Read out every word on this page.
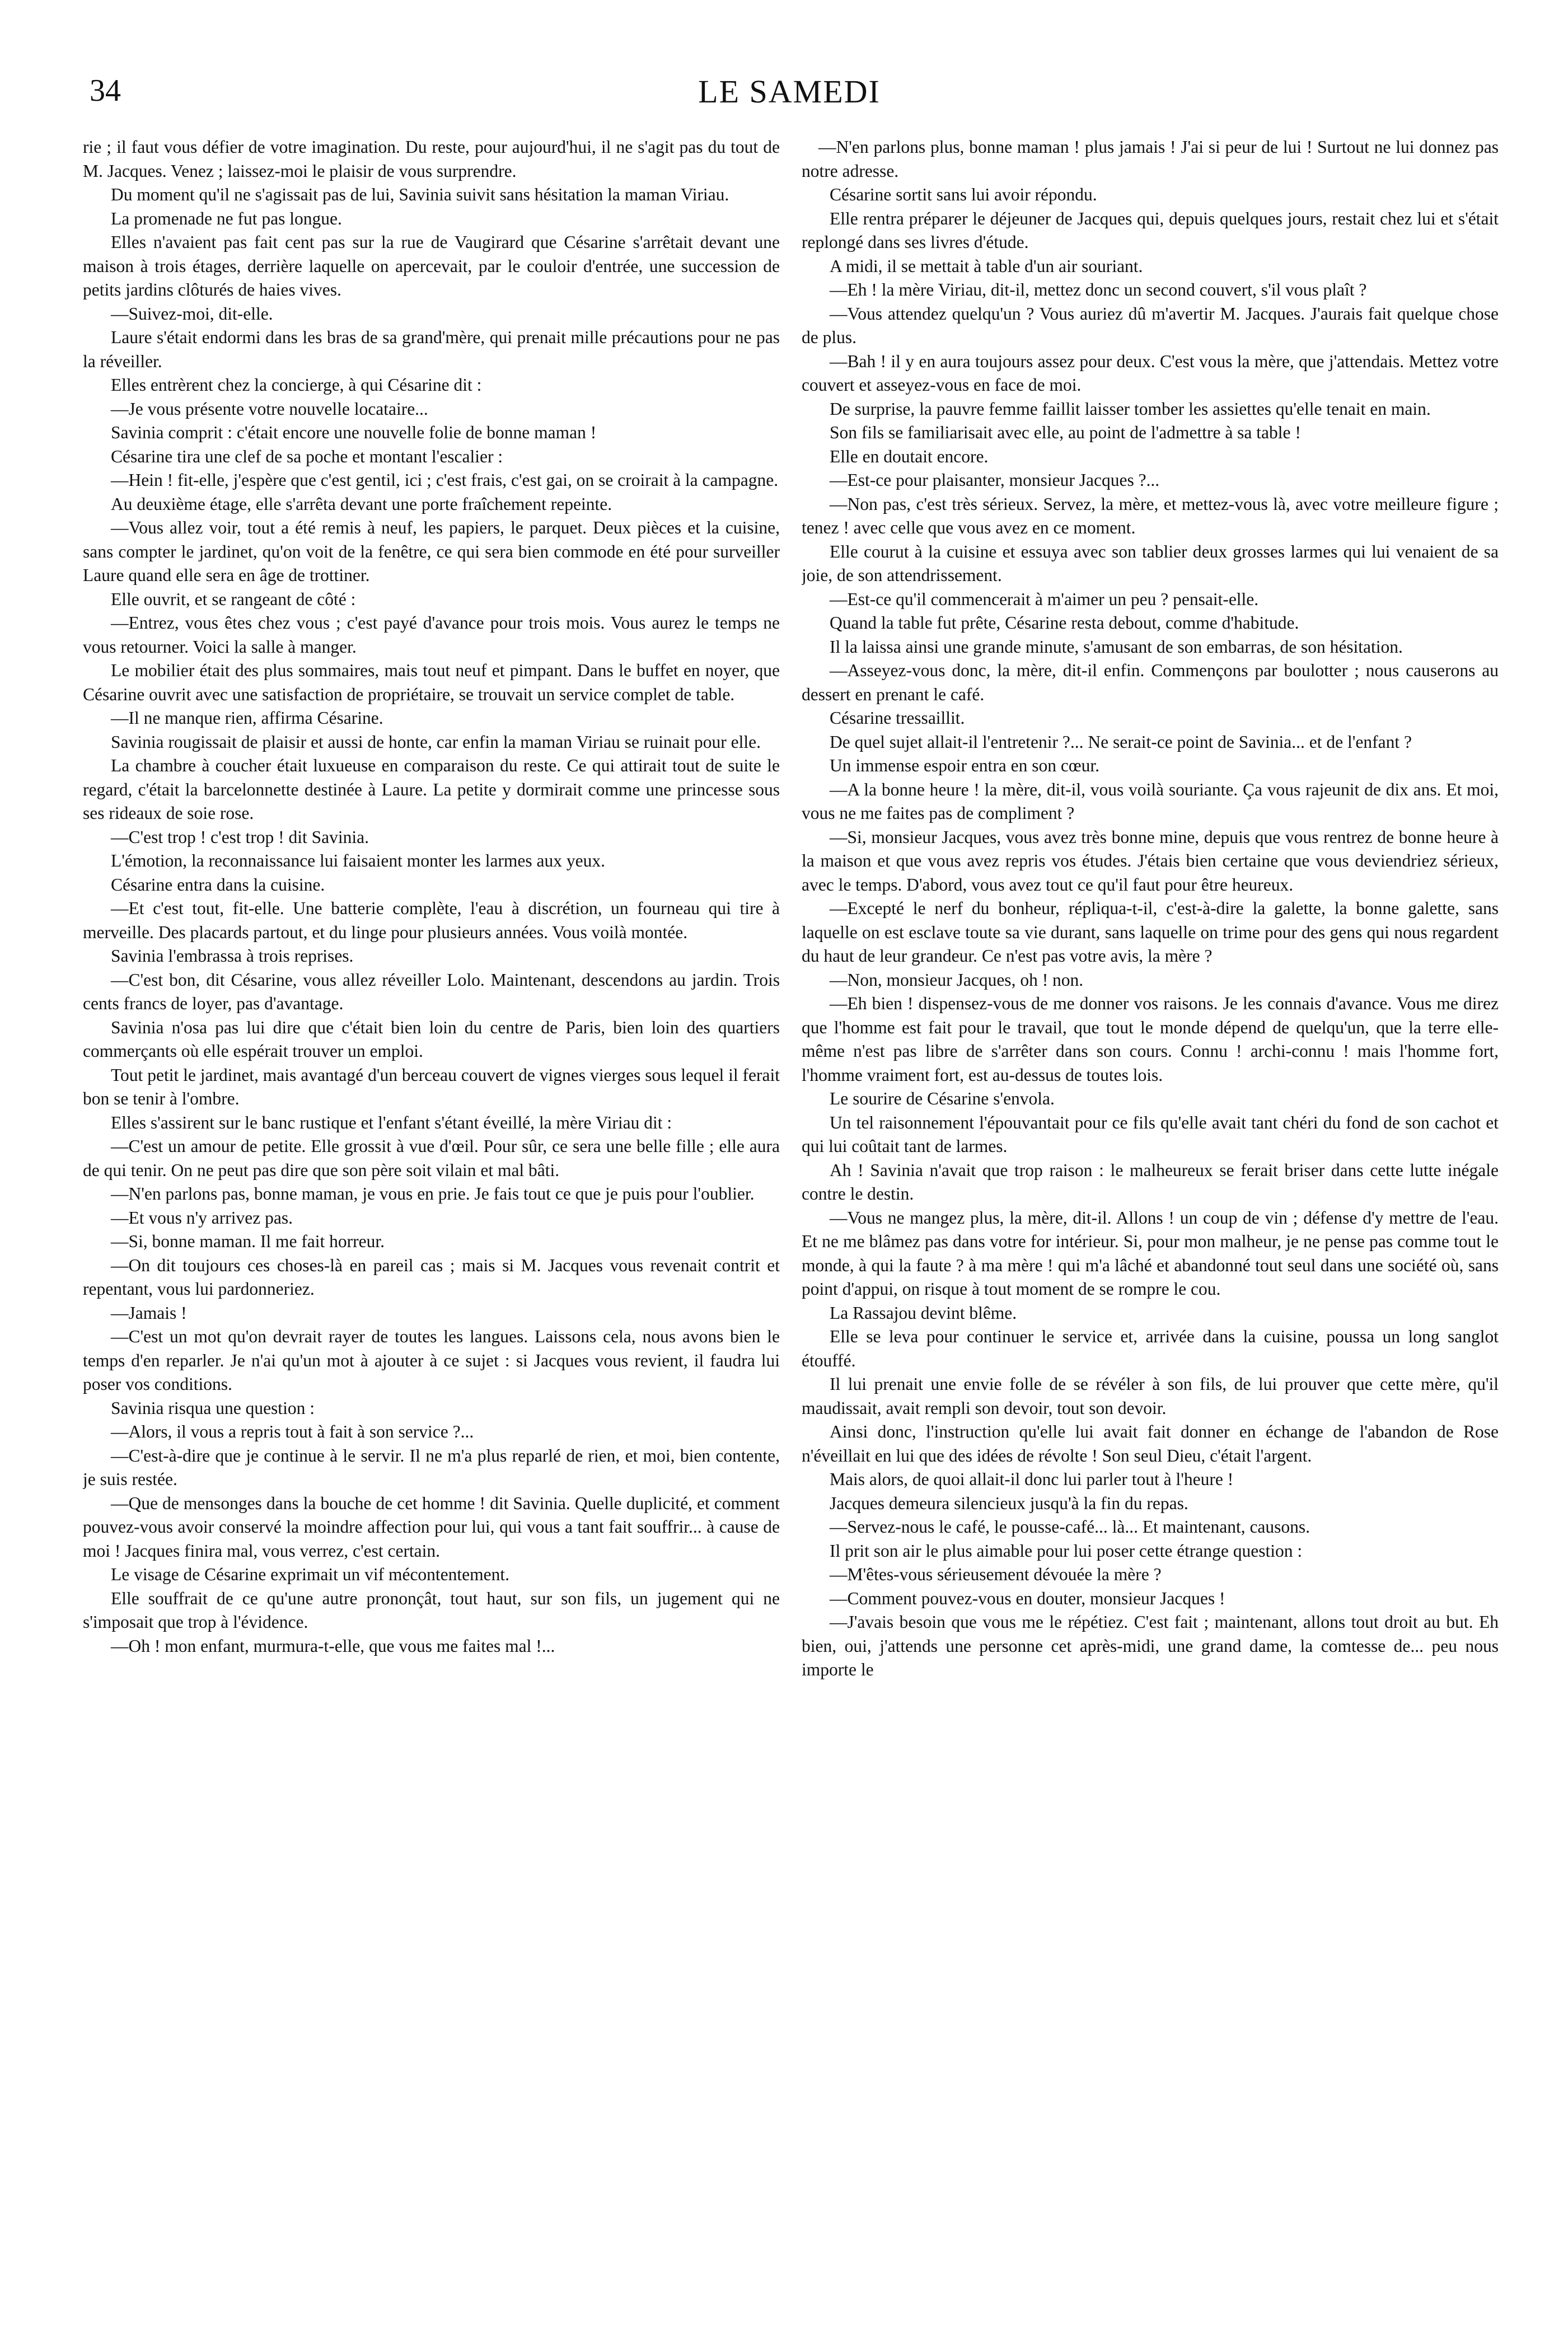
34	LE SAMEDI

rie ; il faut vous défier de votre imagination. Du reste, pour aujourd'hui, il ne s'agit pas du tout de M. Jacques. Venez ; laissez-moi le plaisir de vous surprendre.

Du moment qu'il ne s'agissait pas de lui, Savinia suivit sans hésitation la maman Viriau.

La promenade ne fut pas longue.

Elles n'avaient pas fait cent pas sur la rue de Vaugirard que Césarine s'arrêtait devant une maison à trois étages, derrière laquelle on apercevait, par le couloir d'entrée, une succession de petits jardins clôturés de haies vives.

—Suivez-moi, dit-elle.

Laure s'était endormi dans les bras de sa grand'mère, qui prenait mille précautions pour ne pas la réveiller.

Elles entrèrent chez la concierge, à qui Césarine dit :

—Je vous présente votre nouvelle locataire...

Savinia comprit : c'était encore une nouvelle folie de bonne maman !

Césarine tira une clef de sa poche et montant l'escalier :

—Hein ! fit-elle, j'espère que c'est gentil, ici ; c'est frais, c'est gai, on se croirait à la campagne.

Au deuxième étage, elle s'arrêta devant une porte fraîchement repeinte.

—Vous allez voir, tout a été remis à neuf, les papiers, le parquet. Deux pièces et la cuisine, sans compter le jardinet, qu'on voit de la fenêtre, ce qui sera bien commode en été pour surveiller Laure quand elle sera en âge de trottiner.

Elle ouvrit, et se rangeant de côté :

—Entrez, vous êtes chez vous ; c'est payé d'avance pour trois mois. Vous aurez le temps ne vous retourner. Voici la salle à manger.

Le mobilier était des plus sommaires, mais tout neuf et pimpant. Dans le buffet en noyer, que Césarine ouvrit avec une satisfaction de propriétaire, se trouvait un service complet de table.

—Il ne manque rien, affirma Césarine.

Savinia rougissait de plaisir et aussi de honte, car enfin la maman Viriau se ruinait pour elle.

La chambre à coucher était luxueuse en comparaison du reste. Ce qui attirait tout de suite le regard, c'était la barcelonnette destinée à Laure. La petite y dormirait comme une princesse sous ses rideaux de soie rose.

—C'est trop ! c'est trop ! dit Savinia.

L'émotion, la reconnaissance lui faisaient monter les larmes aux yeux.

Césarine entra dans la cuisine.

—Et c'est tout, fit-elle. Une batterie complète, l'eau à discrétion, un fourneau qui tire à merveille. Des placards partout, et du linge pour plusieurs années. Vous voilà montée.

Savinia l'embrassa à trois reprises.

—C'est bon, dit Césarine, vous allez réveiller Lolo. Maintenant, descendons au jardin. Trois cents francs de loyer, pas d'avantage.

Savinia n'osa pas lui dire que c'était bien loin du centre de Paris, bien loin des quartiers commerçants où elle espérait trouver un emploi.

Tout petit le jardinet, mais avantagé d'un berceau couvert de vignes vierges sous lequel il ferait bon se tenir à l'ombre.

Elles s'assirent sur le banc rustique et l'enfant s'étant éveillé, la mère Viriau dit :

—C'est un amour de petite. Elle grossit à vue d'œil. Pour sûr, ce sera une belle fille ; elle aura de qui tenir. On ne peut pas dire que son père soit vilain et mal bâti.

—N'en parlons pas, bonne maman, je vous en prie. Je fais tout ce que je puis pour l'oublier.

—Et vous n'y arrivez pas.

—Si, bonne maman. Il me fait horreur.

—On dit toujours ces choses-là en pareil cas ; mais si M. Jacques vous revenait contrit et repentant, vous lui pardonneriez.

—Jamais !

—C'est un mot qu'on devrait rayer de toutes les langues. Laissons cela, nous avons bien le temps d'en reparler. Je n'ai qu'un mot à ajouter à ce sujet : si Jacques vous revient, il faudra lui poser vos conditions.

Savinia risqua une question :

—Alors, il vous a repris tout à fait à son service ?...

—C'est-à-dire que je continue à le servir. Il ne m'a plus reparlé de rien, et moi, bien contente, je suis restée.

—Que de mensonges dans la bouche de cet homme ! dit Savinia. Quelle duplicité, et comment pouvez-vous avoir conservé la moindre affection pour lui, qui vous a tant fait souffrir... à cause de moi ! Jacques finira mal, vous verrez, c'est certain.

Le visage de Césarine exprimait un vif mécontentement.

Elle souffrait de ce qu'une autre prononçât, tout haut, sur son fils, un jugement qui ne s'imposait que trop à l'évidence.

—Oh ! mon enfant, murmura-t-elle, que vous me faites mal !...

—N'en parlons plus, bonne maman ! plus jamais ! J'ai si peur de lui ! Surtout ne lui donnez pas notre adresse.

Césarine sortit sans lui avoir répondu.

Elle rentra préparer le déjeuner de Jacques qui, depuis quelques jours, restait chez lui et s'était replongé dans ses livres d'étude.

A midi, il se mettait à table d'un air souriant.

—Eh ! la mère Viriau, dit-il, mettez donc un second couvert, s'il vous plaît ?

—Vous attendez quelqu'un ? Vous auriez dû m'avertir M. Jacques. J'aurais fait quelque chose de plus.

—Bah ! il y en aura toujours assez pour deux. C'est vous la mère, que j'attendais. Mettez votre couvert et asseyez-vous en face de moi.

De surprise, la pauvre femme faillit laisser tomber les assiettes qu'elle tenait en main.

Son fils se familiarisait avec elle, au point de l'admettre à sa table !

Elle en doutait encore.

—Est-ce pour plaisanter, monsieur Jacques ?...

—Non pas, c'est très sérieux. Servez, la mère, et mettez-vous là, avec votre meilleure figure ; tenez ! avec celle que vous avez en ce moment.

Elle courut à la cuisine et essuya avec son tablier deux grosses larmes qui lui venaient de sa joie, de son attendrissement.

—Est-ce qu'il commencerait à m'aimer un peu ? pensait-elle.

Quand la table fut prête, Césarine resta debout, comme d'habitude.

Il la laissa ainsi une grande minute, s'amusant de son embarras, de son hésitation.

—Asseyez-vous donc, la mère, dit-il enfin. Commençons par boulotter ; nous causerons au dessert en prenant le café.

Césarine tressaillit.

De quel sujet allait-il l'entretenir ?... Ne serait-ce point de Savinia... et de l'enfant ?

Un immense espoir entra en son cœur.

—A la bonne heure ! la mère, dit-il, vous voilà souriante. Ça vous rajeunit de dix ans. Et moi, vous ne me faites pas de compliment ?

—Si, monsieur Jacques, vous avez très bonne mine, depuis que vous rentrez de bonne heure à la maison et que vous avez repris vos études. J'étais bien certaine que vous deviendriez sérieux, avec le temps. D'abord, vous avez tout ce qu'il faut pour être heureux.

—Excepté le nerf du bonheur, répliqua-t-il, c'est-à-dire la galette, la bonne galette, sans laquelle on est esclave toute sa vie durant, sans laquelle on trime pour des gens qui nous regardent du haut de leur grandeur. Ce n'est pas votre avis, la mère ?

—Non, monsieur Jacques, oh ! non.

—Eh bien ! dispensez-vous de me donner vos raisons. Je les connais d'avance. Vous me direz que l'homme est fait pour le travail, que tout le monde dépend de quelqu'un, que la terre elle-même n'est pas libre de s'arrêter dans son cours. Connu ! archi-connu ! mais l'homme fort, l'homme vraiment fort, est au-dessus de toutes lois.

Le sourire de Césarine s'envola.

Un tel raisonnement l'épouvantait pour ce fils qu'elle avait tant chéri du fond de son cachot et qui lui coûtait tant de larmes.

Ah ! Savinia n'avait que trop raison : le malheureux se ferait briser dans cette lutte inégale contre le destin.

—Vous ne mangez plus, la mère, dit-il. Allons ! un coup de vin ; défense d'y mettre de l'eau. Et ne me blâmez pas dans votre for intérieur. Si, pour mon malheur, je ne pense pas comme tout le monde, à qui la faute ? à ma mère ! qui m'a lâché et abandonné tout seul dans une société où, sans point d'appui, on risque à tout moment de se rompre le cou.

La Rassajou devint blême.

Elle se leva pour continuer le service et, arrivée dans la cuisine, poussa un long sanglot étouffé.

Il lui prenait une envie folle de se révéler à son fils, de lui prouver que cette mère, qu'il maudissait, avait rempli son devoir, tout son devoir.

Ainsi donc, l'instruction qu'elle lui avait fait donner en échange de l'abandon de Rose n'éveillait en lui que des idées de révolte ! Son seul Dieu, c'était l'argent.

Mais alors, de quoi allait-il donc lui parler tout à l'heure !

Jacques demeura silencieux jusqu'à la fin du repas.

—Servez-nous le café, le pousse-café... là... Et maintenant, causons.

Il prit son air le plus aimable pour lui poser cette étrange question :

—M'êtes-vous sérieusement dévouée la mère ?

—Comment pouvez-vous en douter, monsieur Jacques !

—J'avais besoin que vous me le répétiez. C'est fait ; maintenant, allons tout droit au but. Eh bien, oui, j'attends une personne cet après-midi, une grand dame, la comtesse de... peu nous importe le
